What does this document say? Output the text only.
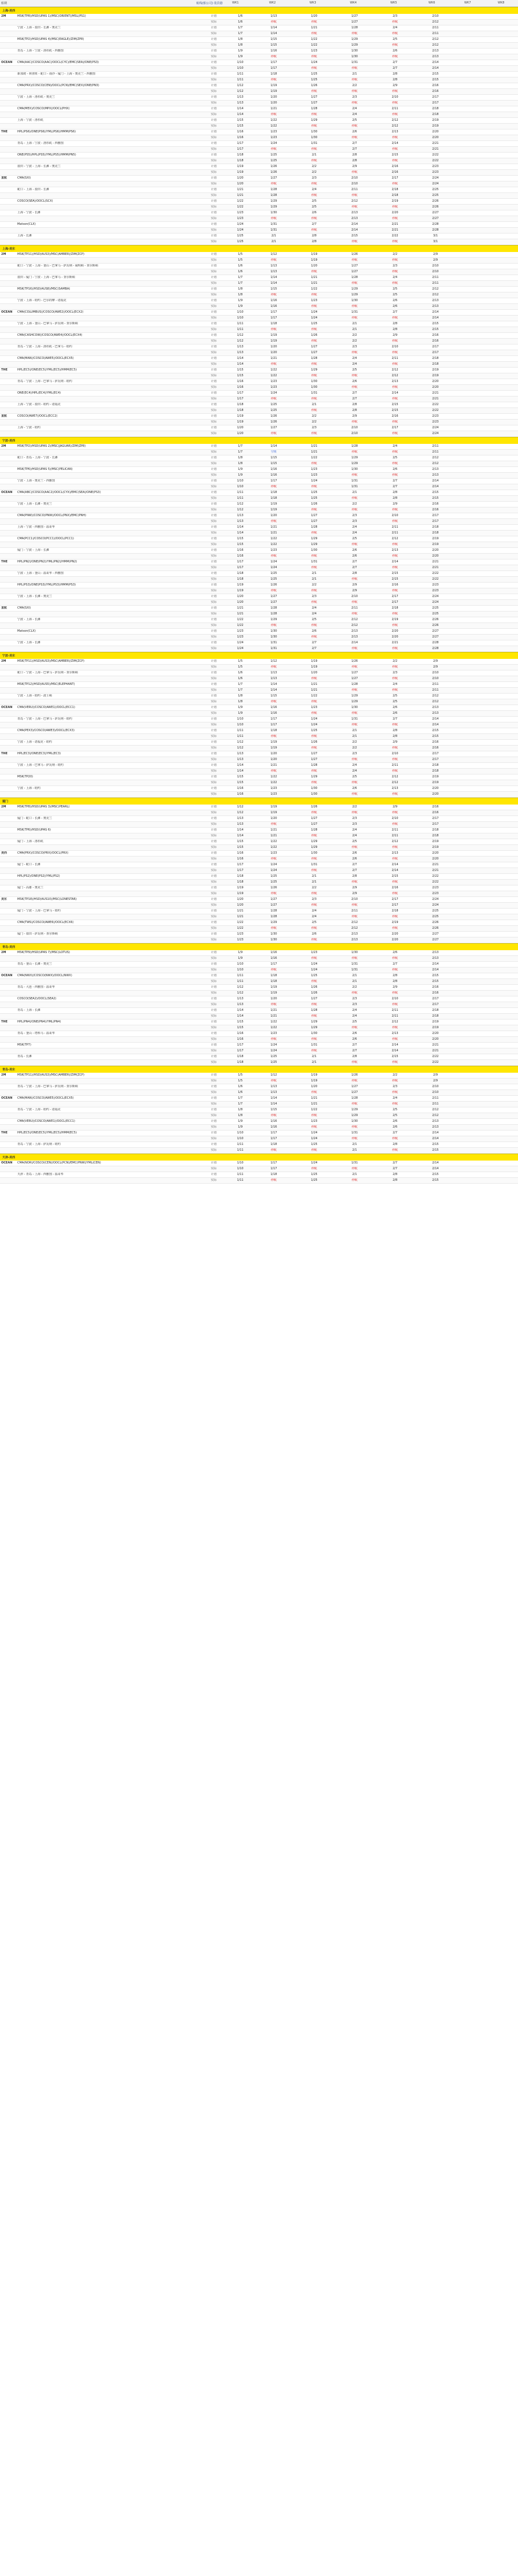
船期	航线(船公司) 装货港	WK1	WK2	WK3	WK4	WK5	WK6	WK7	WK8
上海-美西
2M	MSK(TP8)/HSD(UPAS 1)/MSC(ORIENT)/MSL(PS1)	计划	1/6	1/13	1/20	1/27	2/3	2/10
实际	1/6	停航	停航	1/27	停航	2/12
宁波 - 上海 - 盐田 - 长滩 - 奥克兰	计划	1/7	1/14	1/21	1/28	2/4	2/11
实际	1/7	1/14	停航	停航	停航	2/11
MSK(TP2)/HSD(UPAS 4)/MSC(EAGLE)/ZIM(ZP8)	计划	1/8	1/15	1/22	1/29	2/5	2/12
实际	1/8	1/15	1/22	1/29	停航	2/12
青岛 - 上海 - 宁波 - 洛杉矶 - 西雅图	计划	1/9	1/16	1/23	1/30	2/6	2/13
实际	1/9	停航	停航	1/30	停航	2/13
OCEAN	CMA(AAC)/COSCO(AAC)/OOCL(CYC)/EMC(SEA)/ONE(PS3)	计划	1/10	1/17	1/24	1/31	2/7	2/14
实际	1/10	1/17	停航	停航	2/7	2/14
新加坡 - 林查班 - 蛇口 - 南沙 - 厦门 - 上海 - 奥克兰 - 西雅图	计划	1/11	1/18	1/25	2/1	2/8	2/15
实际	1/11	停航	1/25	停航	2/8	2/15
CMA(PRX)/COSCO(CEN)/OOCL(PCN)/EMC(SEX)/ONE(PN3)	计划	1/12	1/19	1/26	2/2	2/9	2/16
实际	1/12	1/19	停航	停航	停航	2/16
宁波 - 上海 - 洛杉矶 - 奥克兰	计划	1/13	1/20	1/27	2/3	2/10	2/17
实际	1/13	1/20	1/27	停航	停航	2/17
CMA(MEX)/COSCO(MPX)/OOCL(PHX)	计划	1/14	1/21	1/28	2/4	2/11	2/18
实际	1/14	停航	停航	2/4	停航	2/18
上海 - 宁波 - 洛杉矶	计划	1/15	1/22	1/29	2/5	2/12	2/19
实际	1/15	1/22	停航	停航	2/12	2/19
THE	HPL(PS6)/ONE(PS6)/YML(PS6)/HMM(PS6)	计划	1/16	1/23	1/30	2/6	2/13	2/20
实际	1/16	1/23	1/30	停航	停航	2/20
青岛 - 上海 - 宁波 - 洛杉矶 - 西雅图	计划	1/17	1/24	1/31	2/7	2/14	2/21
实际	1/17	停航	停航	2/7	停航	2/21
ONE(PS5)/HPL(PS5)/YML(PS5)/HMM(PN5)	计划	1/18	1/25	2/1	2/8	2/15	2/22
实际	1/18	1/25	停航	2/8	停航	2/22
盐田 - 宁波 - 上海 - 长滩 - 奥克兰	计划	1/19	1/26	2/2	2/9	2/16	2/23
实际	1/19	1/26	2/2	停航	2/16	2/23
直航	CMA(SXI)	计划	1/20	1/27	2/3	2/10	2/17	2/24
实际	1/20	停航	停航	2/10	停航	2/24
蛇口 - 上海 - 盐田 - 长滩	计划	1/21	1/28	2/4	2/11	2/18	2/25
实际	1/21	1/28	停航	停航	2/18	2/25
COSCO(SEA)/OOCL(SCX)	计划	1/22	1/29	2/5	2/12	2/19	2/26
实际	1/22	1/29	2/5	停航	停航	2/26
上海 - 宁波 - 长滩	计划	1/23	1/30	2/6	2/13	2/20	2/27
实际	1/23	停航	停航	2/13	停航	2/27
Matson(CLX)	计划	1/24	1/31	2/7	2/14	2/21	2/28
实际	1/24	1/31	停航	2/14	2/21	2/28
上海 - 长滩	计划	1/25	2/1	2/8	2/15	2/22	3/1
实际	1/25	2/1	2/8	停航	停航	3/1
上海-美东
2M	MSK(TP11)/HSD(AUS3)/MSC(AMBER)/ZIM(ZCP)	计划	1/5	1/12	1/19	1/26	2/2	2/9
实际	1/5	停航	1/19	停航	停航	2/9
蛇口 - 宁波 - 上海 - 釜山 - 巴拿马 - 萨瓦纳 - 威明顿 - 查尔斯顿	计划	1/6	1/13	1/20	1/27	2/3	2/10
实际	1/6	1/13	停航	1/27	停航	2/10
盐田 - 厦门 - 宁波 - 上海 - 巴拿马 - 查尔斯顿	计划	1/7	1/14	1/21	1/28	2/4	2/11
实际	1/7	1/14	1/21	停航	停航	2/11
MSK(TP16)/HSD(AUS8)/MSC(SAMBA)	计划	1/8	1/15	1/22	1/29	2/5	2/12
实际	1/8	停航	停航	1/29	2/5	2/12
宁波 - 上海 - 纽约 - 巴尔的摩 - 诺福克	计划	1/9	1/16	1/23	1/30	2/6	2/13
实际	1/9	1/16	停航	停航	2/6	2/13
OCEAN	CMA(COLUMBUS)/COSCO(AWE2)/OOCL(ECX2)	计划	1/10	1/17	1/24	1/31	2/7	2/14
实际	1/10	1/17	1/24	停航	停航	2/14
宁波 - 上海 - 釜山 - 巴拿马 - 萨瓦纳 - 查尔斯顿	计划	1/11	1/18	1/25	2/1	2/8	2/15
实际	1/11	停航	停航	2/1	2/8	2/15
CMA(CASHCOW)/COSCO(AWE4)/OOCL(ECX4)	计划	1/12	1/19	1/26	2/2	2/9	2/16
实际	1/12	1/19	停航	2/2	停航	2/16
青岛 - 宁波 - 上海 - 洛杉矶 - 巴拿马 - 纽约	计划	1/13	1/20	1/27	2/3	2/10	2/17
实际	1/13	1/20	1/27	停航	停航	2/17
CMA(MAN)/COSCO(AWE5)/OOCL(ECX5)	计划	1/14	1/21	1/28	2/4	2/11	2/18
实际	1/14	停航	停航	2/4	停航	2/18
THE	HPL(EC5)/ONE(EC5)/YML(EC5)/HMM(EC5)	计划	1/15	1/22	1/29	2/5	2/12	2/19
实际	1/15	1/22	停航	停航	2/12	2/19
青岛 - 宁波 - 上海 - 巴拿马 - 萨瓦纳 - 纽约	计划	1/16	1/23	1/30	2/6	2/13	2/20
实际	1/16	1/23	1/30	停航	停航	2/20
ONE(EC4)/HPL(EC4)/YML(EC4)	计划	1/17	1/24	1/31	2/7	2/14	2/21
实际	1/17	停航	停航	2/7	停航	2/21
上海 - 宁波 - 盐田 - 纽约 - 诺福克	计划	1/18	1/25	2/1	2/8	2/15	2/22
实际	1/18	1/25	停航	2/8	2/15	2/22
直航	COSCO(AWE7)/OOCL(ECC2)	计划	1/19	1/26	2/2	2/9	2/16	2/23
实际	1/19	1/26	2/2	停航	停航	2/23
上海 - 宁波 - 纽约	计划	1/20	1/27	2/3	2/10	2/17	2/24
实际	1/20	停航	停航	2/10	停航	2/24
宁波-美西
2M	MSK(TP2)/HSD(UPAS 2)/MSC(JAGUAR)/ZIM(ZP8)	计划	1/7	1/14	1/21	1/28	2/4	2/11
实际	1/7	空班	1/21	停航	停航	2/11
蛇口 - 青岛 - 上海 - 宁波 - 长滩	计划	1/8	1/15	1/22	1/29	2/5	2/12
实际	1/8	1/15	停航	1/29	停航	2/12
MSK(TP6)/HSD(UPAS 5)/MSC(PELICAN)	计划	1/9	1/16	1/23	1/30	2/6	2/13
实际	1/9	1/16	1/23	停航	停航	2/13
宁波 - 上海 - 奥克兰 - 西雅图	计划	1/10	1/17	1/24	1/31	2/7	2/14
实际	1/10	停航	停航	1/31	2/7	2/14
OCEAN	CMA(ABC)/COSCO(AAC2)/OOCL(CYX)/EMC(SEA)/ONE(PS3)	计划	1/11	1/18	1/25	2/1	2/8	2/15
实际	1/11	1/18	1/25	停航	2/8	2/15
宁波 - 上海 - 长滩 - 奥克兰	计划	1/12	1/19	1/26	2/2	2/9	2/16
实际	1/12	1/19	停航	停航	停航	2/16
CMA(PNW)/COSCO(PNW)/OOCL(PNX)/EMC(PNH)	计划	1/13	1/20	1/27	2/3	2/10	2/17
实际	1/13	停航	1/27	2/3	停航	2/17
上海 - 宁波 - 西雅图 - 温哥华	计划	1/14	1/21	1/28	2/4	2/11	2/18
实际	1/14	1/21	停航	2/4	2/11	2/18
CMA(PCC1)/COSCO(PCC1)/OOCL(PCC1)	计划	1/15	1/22	1/29	2/5	2/12	2/19
实际	1/15	1/22	1/29	停航	停航	2/19
厦门 - 宁波 - 上海 - 长滩	计划	1/16	1/23	1/30	2/6	2/13	2/20
实际	1/16	停航	停航	2/6	停航	2/20
THE	HPL(PN2)/ONE(PN2)/YML(PN2)/HMM(PN2)	计划	1/17	1/24	1/31	2/7	2/14	2/21
实际	1/17	1/24	停航	2/7	停航	2/21
宁波 - 上海 - 釜山 - 温哥华 - 西雅图	计划	1/18	1/25	2/1	2/8	2/15	2/22
实际	1/18	1/25	2/1	停航	2/15	2/22
HPL(PS3)/ONE(PS3)/YML(PS3)/HMM(PS3)	计划	1/19	1/26	2/2	2/9	2/16	2/23
实际	1/19	停航	停航	2/9	停航	2/23
宁波 - 上海 - 长滩 - 奥克兰	计划	1/20	1/27	2/3	2/10	2/17	2/24
实际	1/20	1/27	停航	停航	2/17	2/24
直航	CMA(SXI)	计划	1/21	1/28	2/4	2/11	2/18	2/25
实际	1/21	1/28	2/4	停航	停航	2/25
宁波 - 上海 - 长滩	计划	1/22	1/29	2/5	2/12	2/19	2/26
实际	1/22	停航	停航	2/12	停航	2/26
Matson(CLX)	计划	1/23	1/30	2/6	2/13	2/20	2/27
实际	1/23	1/30	停航	2/13	2/20	2/27
宁波 - 上海 - 长滩	计划	1/24	1/31	2/7	2/14	2/21	2/28
实际	1/24	1/31	2/7	停航	停航	2/28
宁波-美东
2M	MSK(TP11)/HSD(AUS3)/MSC(AMBER)/ZIM(ZCP)	计划	1/5	1/12	1/19	1/26	2/2	2/9
实际	1/5	停航	1/19	停航	停航	2/9
蛇口 - 宁波 - 上海 - 巴拿马 - 萨瓦纳 - 查尔斯顿	计划	1/6	1/13	1/20	1/27	2/3	2/10
实际	1/6	1/13	停航	1/27	停航	2/10
MSK(TP12)/HSD(AUS5)/MSC(ELEPHANT)	计划	1/7	1/14	1/21	1/28	2/4	2/11
实际	1/7	1/14	1/21	停航	停航	2/11
宁波 - 上海 - 纽约 - 波士顿	计划	1/8	1/15	1/22	1/29	2/5	2/12
实际	1/8	停航	停航	1/29	2/5	2/12
OCEAN	CMA(VERU)/COSCO(AWE1)/OOCL(ECC1)	计划	1/9	1/16	1/23	1/30	2/6	2/13
实际	1/9	1/16	停航	停航	2/6	2/13
青岛 - 宁波 - 上海 - 巴拿马 - 萨瓦纳 - 纽约	计划	1/10	1/17	1/24	1/31	2/7	2/14
实际	1/10	1/17	1/24	停航	停航	2/14
CMA(PEX3)/COSCO(AWE3)/OOCL(ECX3)	计划	1/11	1/18	1/25	2/1	2/8	2/15
实际	1/11	停航	停航	2/1	2/8	2/15
宁波 - 上海 - 诺福克 - 纽约	计划	1/12	1/19	1/26	2/2	2/9	2/16
实际	1/12	1/19	停航	2/2	停航	2/16
THE	HPL(EC3)/ONE(EC3)/YML(EC3)	计划	1/13	1/20	1/27	2/3	2/10	2/17
实际	1/13	1/20	1/27	停航	停航	2/17
宁波 - 上海 - 巴拿马 - 萨瓦纳 - 纽约	计划	1/14	1/21	1/28	2/4	2/11	2/18
实际	1/14	停航	停航	2/4	停航	2/18
MSK(TP20)	计划	1/15	1/22	1/29	2/5	2/12	2/19
实际	1/15	1/22	停航	停航	2/12	2/19
宁波 - 上海 - 纽约	计划	1/16	1/23	1/30	2/6	2/13	2/20
实际	1/16	1/23	1/30	停航	停航	2/20
厦门
2M	MSK(TP8)/HSD(UPAS 3)/MSC(PEARL)	计划	1/12	1/19	1/26	2/2	2/9	2/16
实际	1/12	1/19	停航	停航	停航	2/16
厦门 - 蛇口 - 长滩 - 奥克兰	计划	1/13	1/20	1/27	2/3	2/10	2/17
实际	1/13	停航	1/27	2/3	停航	2/17
MSK(TP6)/HSD(UPAS 6)	计划	1/14	1/21	1/28	2/4	2/11	2/18
实际	1/14	1/21	停航	2/4	2/11	2/18
厦门 - 上海 - 洛杉矶	计划	1/15	1/22	1/29	2/5	2/12	2/19
实际	1/15	1/22	1/29	停航	停航	2/19
美西	CMA(PRX)/COSCO(PRX)/OOCL(PRX)	计划	1/16	1/23	1/30	2/6	2/13	2/20
实际	1/16	停航	停航	2/6	停航	2/20
厦门 - 蛇口 - 长滩	计划	1/17	1/24	1/31	2/7	2/14	2/21
实际	1/17	1/24	停航	2/7	2/14	2/21
HPL(PS2)/ONE(PS2)/YML(PS2)	计划	1/18	1/25	2/1	2/8	2/15	2/22
实际	1/18	1/25	2/1	停航	停航	2/22
厦门 - 高雄 - 奥克兰	计划	1/19	1/26	2/2	2/9	2/16	2/23
实际	1/19	停航	停航	2/9	停航	2/23
美东	MSK(TP18)/HSD(AUS10)/MSC(LONESTAR)	计划	1/20	1/27	2/3	2/10	2/17	2/24
实际	1/20	1/27	停航	停航	2/17	2/24
厦门 - 宁波 - 上海 - 巴拿马 - 纽约	计划	1/21	1/28	2/4	2/11	2/18	2/25
实际	1/21	1/28	2/4	停航	停航	2/25
CMA(TWS)/COSCO(AWE6)/OOCL(ECX6)	计划	1/22	1/29	2/5	2/12	2/19	2/26
实际	1/22	停航	停航	2/12	停航	2/26
厦门 - 盐田 - 萨瓦纳 - 查尔斯顿	计划	1/23	1/30	2/6	2/13	2/20	2/27
实际	1/23	1/30	停航	2/13	2/20	2/27
青岛-美西
2M	MSK(TP9)/HSD(UPAS 7)/MSC(LOTUS)	计划	1/9	1/16	1/23	1/30	2/6	2/13
实际	1/9	1/16	停航	停航	停航	2/13
青岛 - 釜山 - 长滩 - 奥克兰	计划	1/10	1/17	1/24	1/31	2/7	2/14
实际	1/10	停航	1/24	1/31	停航	2/14
OCEAN	CMA(NWX)/COSCO(NWX)/OOCL(NWX)	计划	1/11	1/18	1/25	2/1	2/8	2/15
实际	1/11	1/18	停航	2/1	2/8	2/15
青岛 - 大连 - 西雅图 - 温哥华	计划	1/12	1/19	1/26	2/2	2/9	2/16
实际	1/12	1/19	1/26	停航	停航	2/16
COSCO(SEA2)/OOCL(SEA2)	计划	1/13	1/20	1/27	2/3	2/10	2/17
实际	1/13	停航	停航	2/3	停航	2/17
青岛 - 上海 - 长滩	计划	1/14	1/21	1/28	2/4	2/11	2/18
实际	1/14	1/21	停航	2/4	2/11	2/18
THE	HPL(PN4)/ONE(PN4)/YML(PN4)	计划	1/15	1/22	1/29	2/5	2/12	2/19
实际	1/15	1/22	1/29	停航	停航	2/19
青岛 - 釜山 - 塔科马 - 温哥华	计划	1/16	1/23	1/30	2/6	2/13	2/20
实际	1/16	停航	停航	2/6	停航	2/20
MSK(TP7)	计划	1/17	1/24	1/31	2/7	2/14	2/21
实际	1/17	1/24	停航	2/7	2/14	2/21
青岛 - 长滩	计划	1/18	1/25	2/1	2/8	2/15	2/22
实际	1/18	1/25	2/1	停航	停航	2/22
青岛-美东
2M	MSK(TP11)/HSD(AUS3)/MSC(AMBER)/ZIM(ZCP)	计划	1/5	1/12	1/19	1/26	2/2	2/9
实际	1/5	停航	1/19	停航	停航	2/9
青岛 - 宁波 - 上海 - 巴拿马 - 萨瓦纳 - 查尔斯顿	计划	1/6	1/13	1/20	1/27	2/3	2/10
实际	1/6	1/13	停航	1/27	停航	2/10
OCEAN	CMA(MAN)/COSCO(AWE5)/OOCL(ECX5)	计划	1/7	1/14	1/21	1/28	2/4	2/11
实际	1/7	1/14	1/21	停航	停航	2/11
青岛 - 宁波 - 上海 - 纽约 - 诺福克	计划	1/8	1/15	1/22	1/29	2/5	2/12
实际	1/8	停航	停航	1/29	2/5	2/12
CMA(VERU)/COSCO(AWE1)/OOCL(ECC1)	计划	1/9	1/16	1/23	1/30	2/6	2/13
实际	1/9	1/16	停航	停航	2/6	2/13
THE	HPL(EC5)/ONE(EC5)/YML(EC5)/HMM(EC5)	计划	1/10	1/17	1/24	1/31	2/7	2/14
实际	1/10	1/17	1/24	停航	停航	2/14
青岛 - 宁波 - 上海 - 萨瓦纳 - 纽约	计划	1/11	1/18	1/25	2/1	2/8	2/15
实际	1/11	停航	停航	2/1	停航	2/15
天津-美西
OCEAN	CMA(NOR)/COSCO(CEN)/OOCL(PCN)/EMC(PNW)/YML(CEN)	计划	1/10	1/17	1/24	1/31	2/7	2/14
实际	1/10	1/17	停航	停航	2/7	2/14
天津 - 青岛 - 上海 - 西雅图 - 温哥华	计划	1/11	1/18	1/25	2/1	2/8	2/15
实际	1/11	停航	1/25	停航	2/8	2/15
